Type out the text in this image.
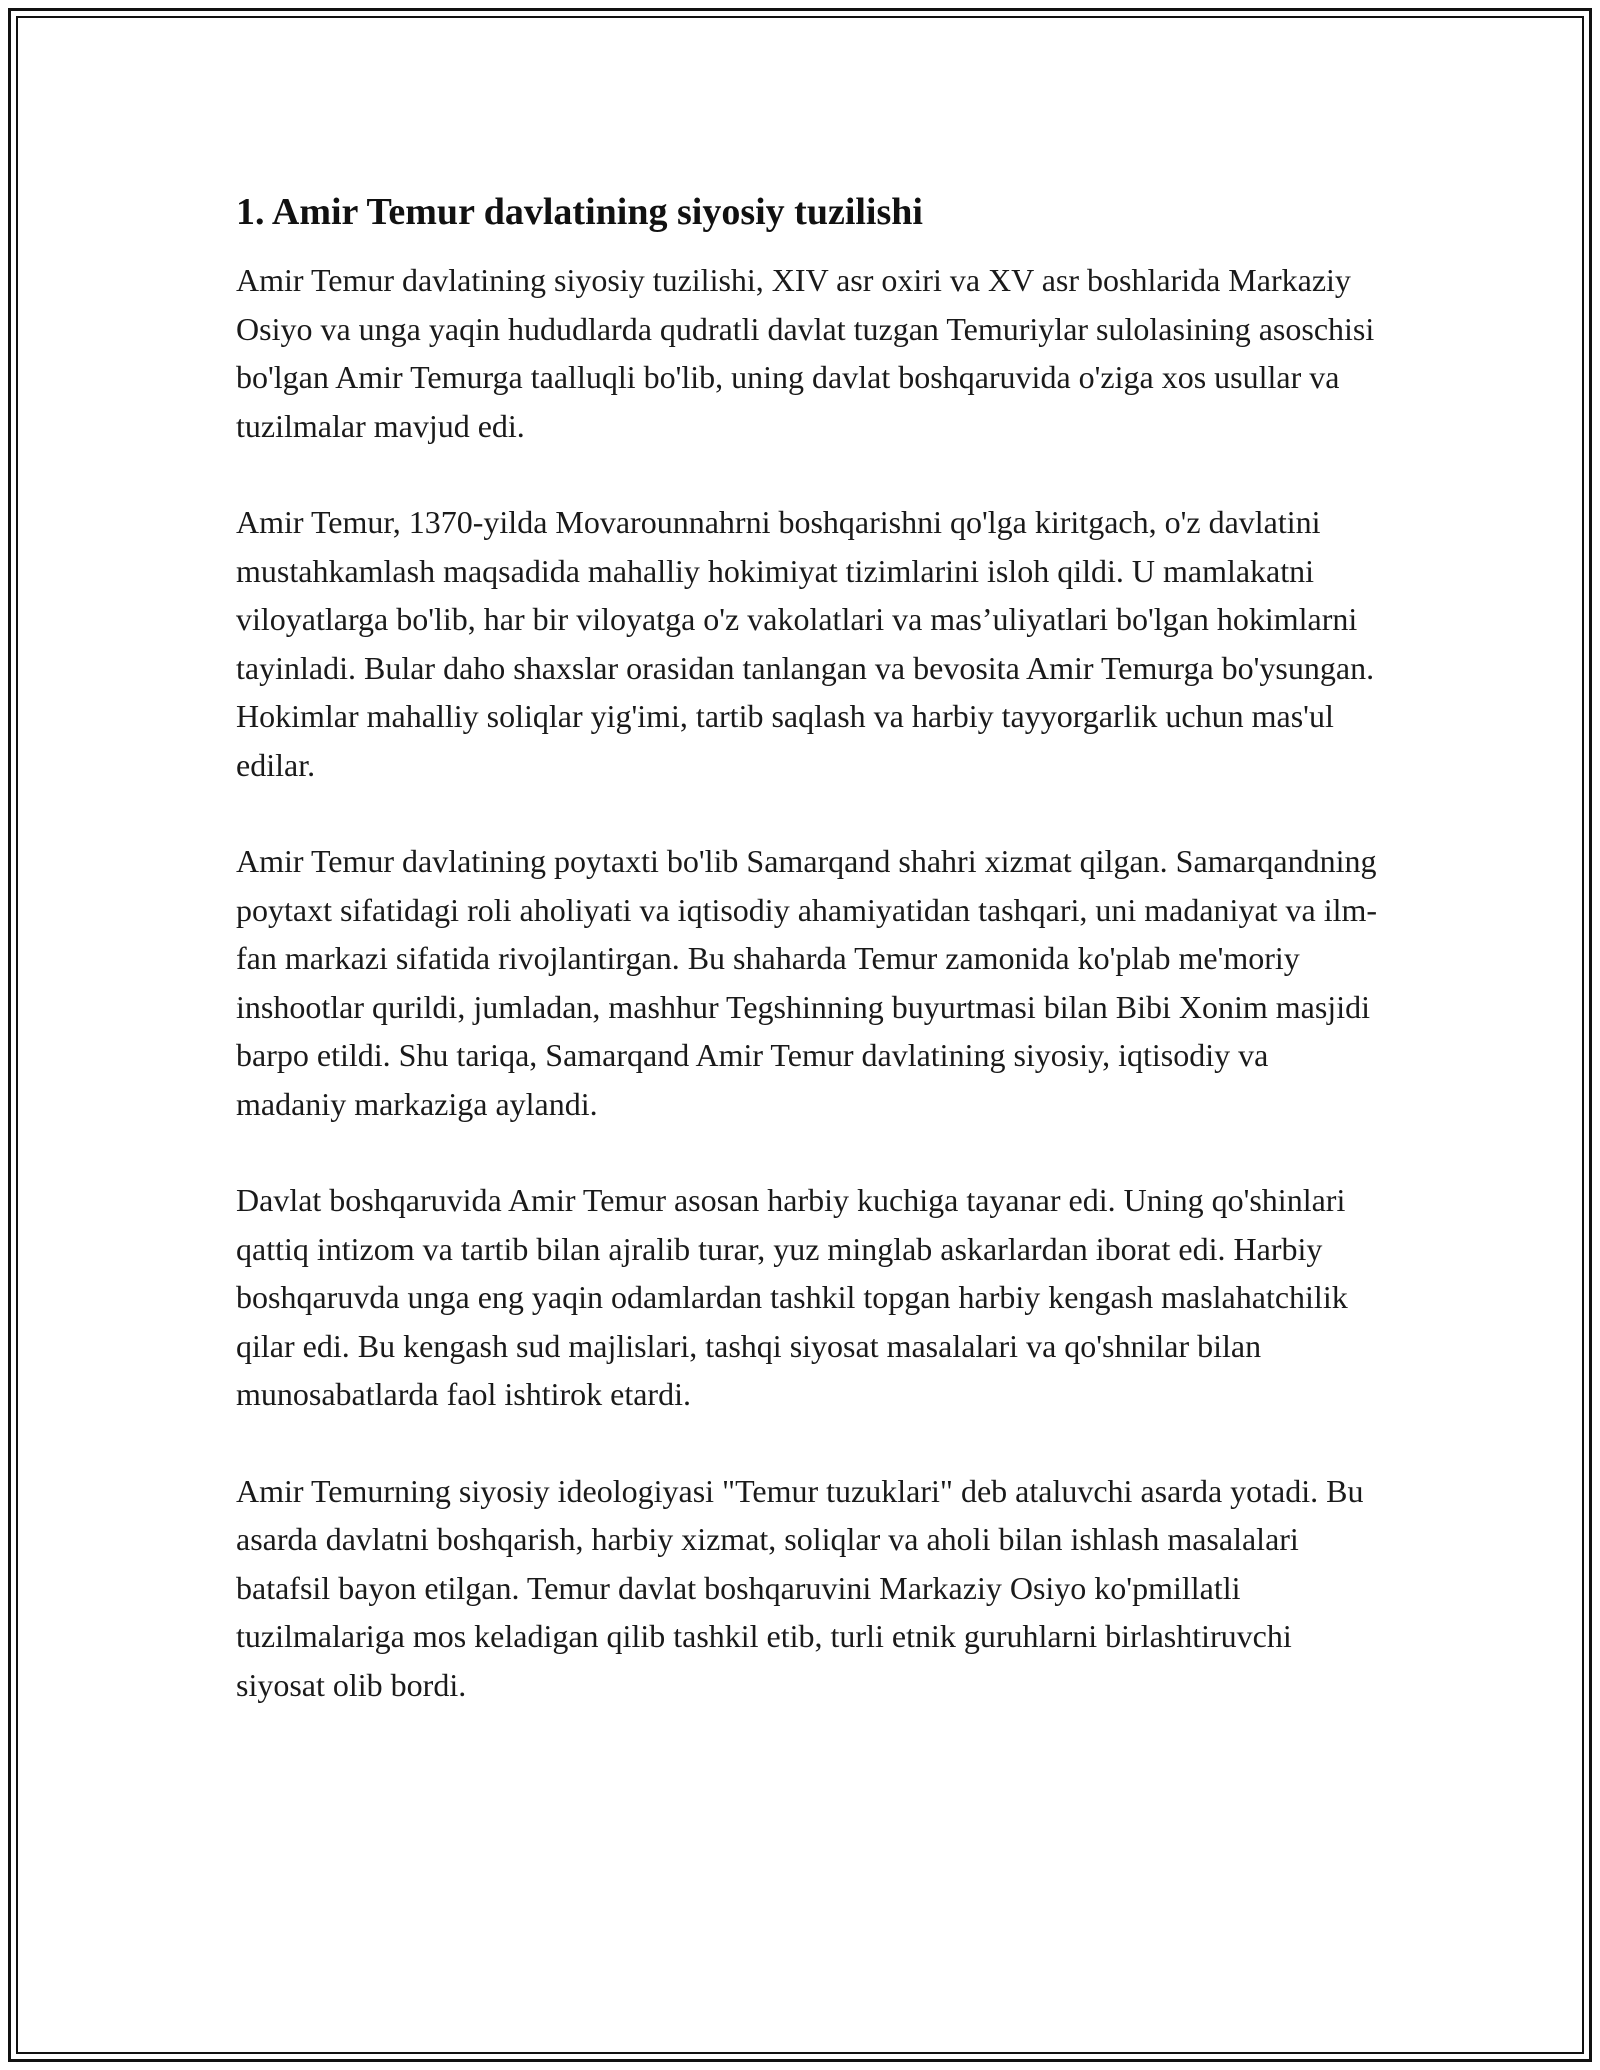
1. Amir Temur davlatining siyosiy tuzilishi

Amir Temur davlatining siyosiy tuzilishi, XIV asr oxiri va XV asr boshlarida Markaziy Osiyo va unga yaqin hududlarda qudratli davlat tuzgan Temuriylar sulolasining asoschisi bo'lgan Amir Temurga taalluqli bo'lib, uning davlat boshqaruvida o'ziga xos usullar va tuzilmalar mavjud edi.

Amir Temur, 1370-yilda Movarounnahrni boshqarishni qo'lga kiritgach, o'z davlatini mustahkamlash maqsadida mahalliy hokimiyat tizimlarini isloh qildi. U mamlakatni viloyatlarga bo'lib, har bir viloyatga o'z vakolatlari va mas’uliyatlari bo'lgan hokimlarni tayinladi. Bular daho shaxslar orasidan tanlangan va bevosita Amir Temurga bo'ysungan. Hokimlar mahalliy soliqlar yig'imi, tartib saqlash va harbiy tayyorgarlik uchun mas'ul edilar.

Amir Temur davlatining poytaxti bo'lib Samarqand shahri xizmat qilgan. Samarqandning poytaxt sifatidagi roli aholiyati va iqtisodiy ahamiyatidan tashqari, uni madaniyat va ilm-fan markazi sifatida rivojlantirgan. Bu shaharda Temur zamonida ko'plab me'moriy inshootlar qurildi, jumladan, mashhur Tegshinning buyurtmasi bilan Bibi Xonim masjidi barpo etildi. Shu tariqa, Samarqand Amir Temur davlatining siyosiy, iqtisodiy va madaniy markaziga aylandi.

Davlat boshqaruvida Amir Temur asosan harbiy kuchiga tayanar edi. Uning qo'shinlari qattiq intizom va tartib bilan ajralib turar, yuz minglab askarlardan iborat edi. Harbiy boshqaruvda unga eng yaqin odamlardan tashkil topgan harbiy kengash maslahatchilik qilar edi. Bu kengash sud majlislari, tashqi siyosat masalalari va qo'shnilar bilan munosabatlarda faol ishtirok etardi.

Amir Temurning siyosiy ideologiyasi "Temur tuzuklari" deb ataluvchi asarda yotadi. Bu asarda davlatni boshqarish, harbiy xizmat, soliqlar va aholi bilan ishlash masalalari batafsil bayon etilgan. Temur davlat boshqaruvini Markaziy Osiyo ko'pmillatli tuzilmalariga mos keladigan qilib tashkil etib, turli etnik guruhlarni birlashtiruvchi siyosat olib bordi.
